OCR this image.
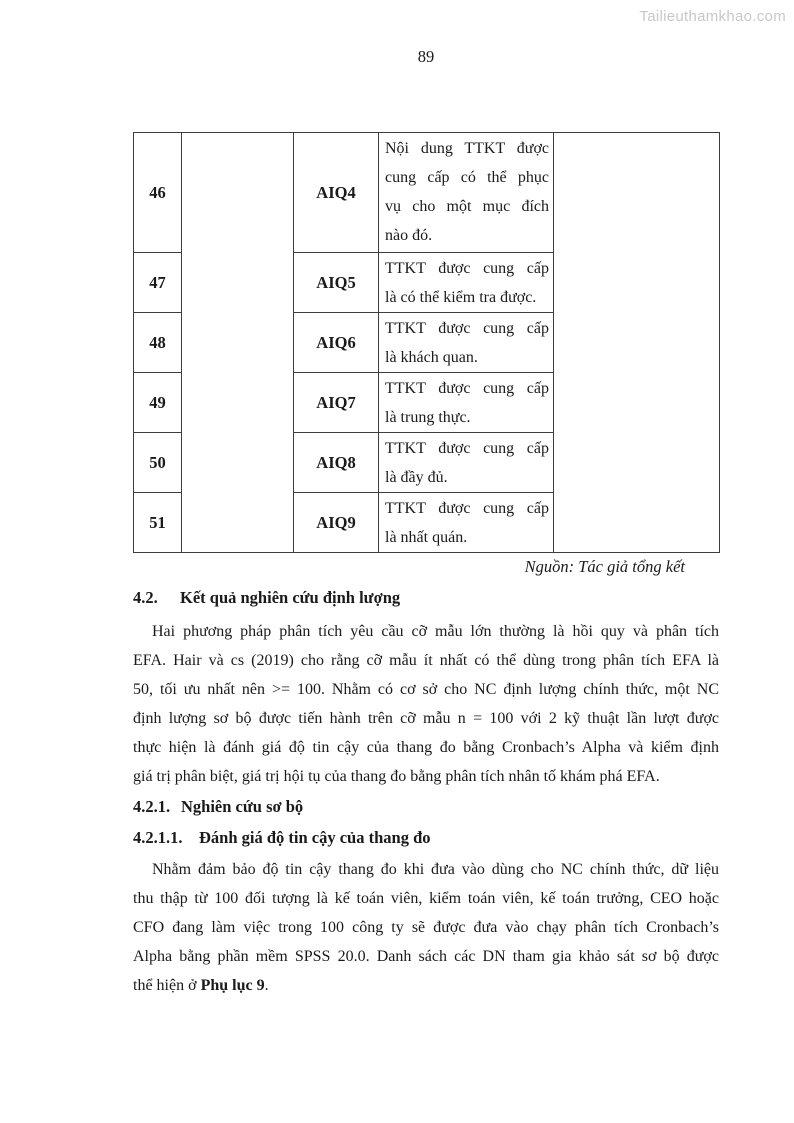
Tailieuthamkhao.com
89
46		AIQ4	Nội dung TTKT được
cung cấp có thể phục
vụ cho một mục đích
nào đó.	

47		AIQ5	TTKT được cung cấp
là có thể kiểm tra được.	

48		AIQ6	TTKT được cung cấp
là khách quan.	

49		AIQ7	TTKT được cung cấp
là trung thực.	

50		AIQ8	TTKT được cung cấp
là đầy đủ.	

51		AIQ9	TTKT được cung cấp
là nhất quán.	
Nguồn: Tác giả tổng kết
4.2. Kết quả nghiên cứu định lượng
Hai phương pháp phân tích yêu cầu cỡ mẫu lớn thường là hồi quy và phân tích
EFA. Hair và cs (2019) cho rằng cỡ mẫu ít nhất có thể dùng trong phân tích EFA là
50, tối ưu nhất nên >= 100. Nhằm có cơ sở cho NC định lượng chính thức, một NC
định lượng sơ bộ được tiến hành trên cỡ mẫu n = 100 với 2 kỹ thuật lần lượt được
thực hiện là đánh giá độ tin cậy của thang đo bằng Cronbach’s Alpha và kiểm định
giá trị phân biệt, giá trị hội tụ của thang đo bằng phân tích nhân tố khám phá EFA.
4.2.1. Nghiên cứu sơ bộ
4.2.1.1. Đánh giá độ tin cậy của thang đo
Nhằm đảm bảo độ tin cậy thang đo khi đưa vào dùng cho NC chính thức, dữ liệu
thu thập từ 100 đối tượng là kế toán viên, kiểm toán viên, kế toán trưởng, CEO hoặc
CFO đang làm việc trong 100 công ty sẽ được đưa vào chạy phân tích Cronbach’s
Alpha bằng phần mềm SPSS 20.0. Danh sách các DN tham gia khảo sát sơ bộ được
thể hiện ở Phụ lục 9.
